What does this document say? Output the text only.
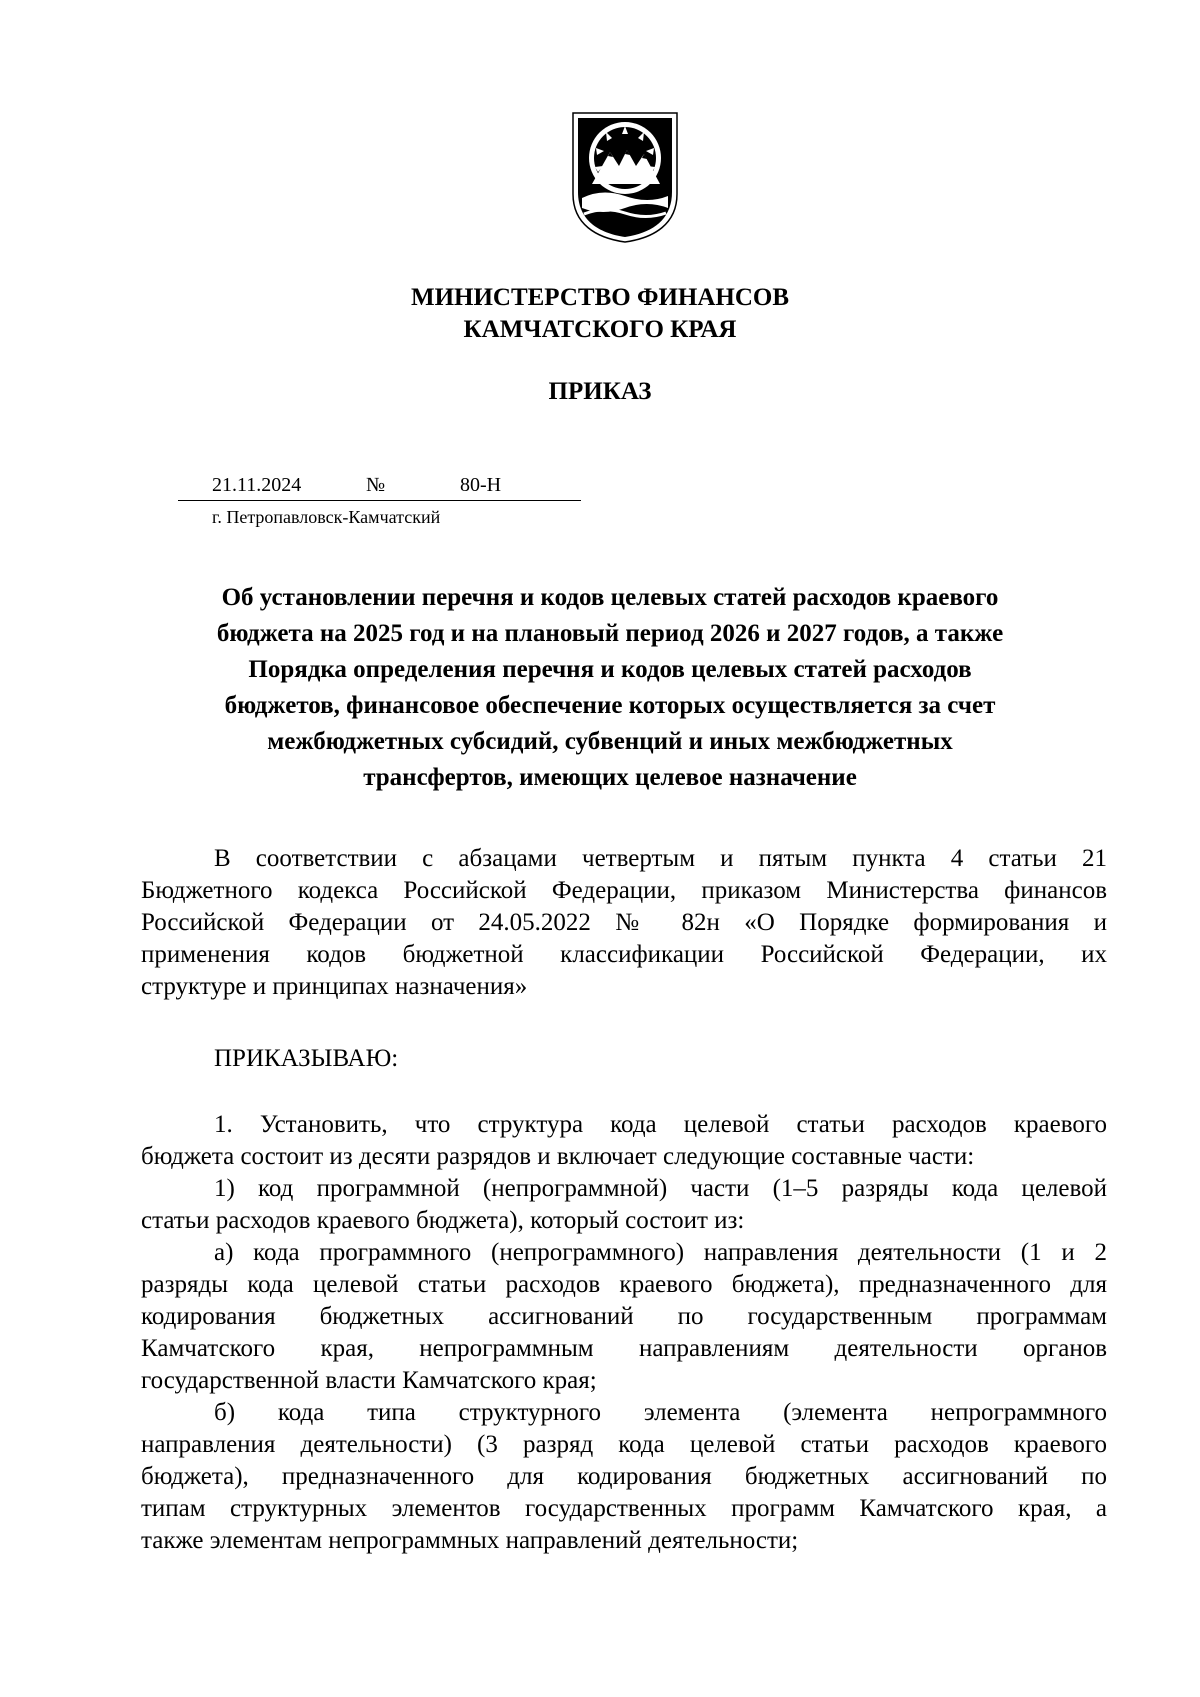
МИНИСТЕРСТВО ФИНАНСОВ
КАМЧАТСКОГО КРАЯ
ПРИКАЗ
21.11.2024	№	80-Н
г. Петропавловск-Камчатский
Об установлении перечня и кодов целевых статей расходов краевого
бюджета на 2025 год и на плановый период 2026 и 2027 годов, а также
Порядка определения перечня и кодов целевых статей расходов
бюджетов, финансовое обеспечение которых осуществляется за счет
межбюджетных субсидий, субвенций и иных межбюджетных
трансфертов, имеющих целевое назначение
В соответствии с абзацами четвертым и пятым пункта 4 статьи 21
Бюджетного кодекса Российской Федерации, приказом Министерства финансов
Российской Федерации от 24.05.2022 № 82н «О Порядке формирования и
применения кодов бюджетной классификации Российской Федерации, их
структуре и принципах назначения»
ПРИКАЗЫВАЮ:
1. Установить, что структура кода целевой статьи расходов краевого
бюджета состоит из десяти разрядов и включает следующие составные части:
1) код программной (непрограммной) части (1–5 разряды кода целевой
статьи расходов краевого бюджета), который состоит из:
а) кода программного (непрограммного) направления деятельности (1 и 2
разряды кода целевой статьи расходов краевого бюджета), предназначенного для
кодирования бюджетных ассигнований по государственным программам
Камчатского края, непрограммным направлениям деятельности органов
государственной власти Камчатского края;
б) кода типа структурного элемента (элемента непрограммного
направления деятельности) (3 разряд кода целевой статьи расходов краевого
бюджета), предназначенного для кодирования бюджетных ассигнований по
типам структурных элементов государственных программ Камчатского края, а
также элементам непрограммных направлений деятельности;
